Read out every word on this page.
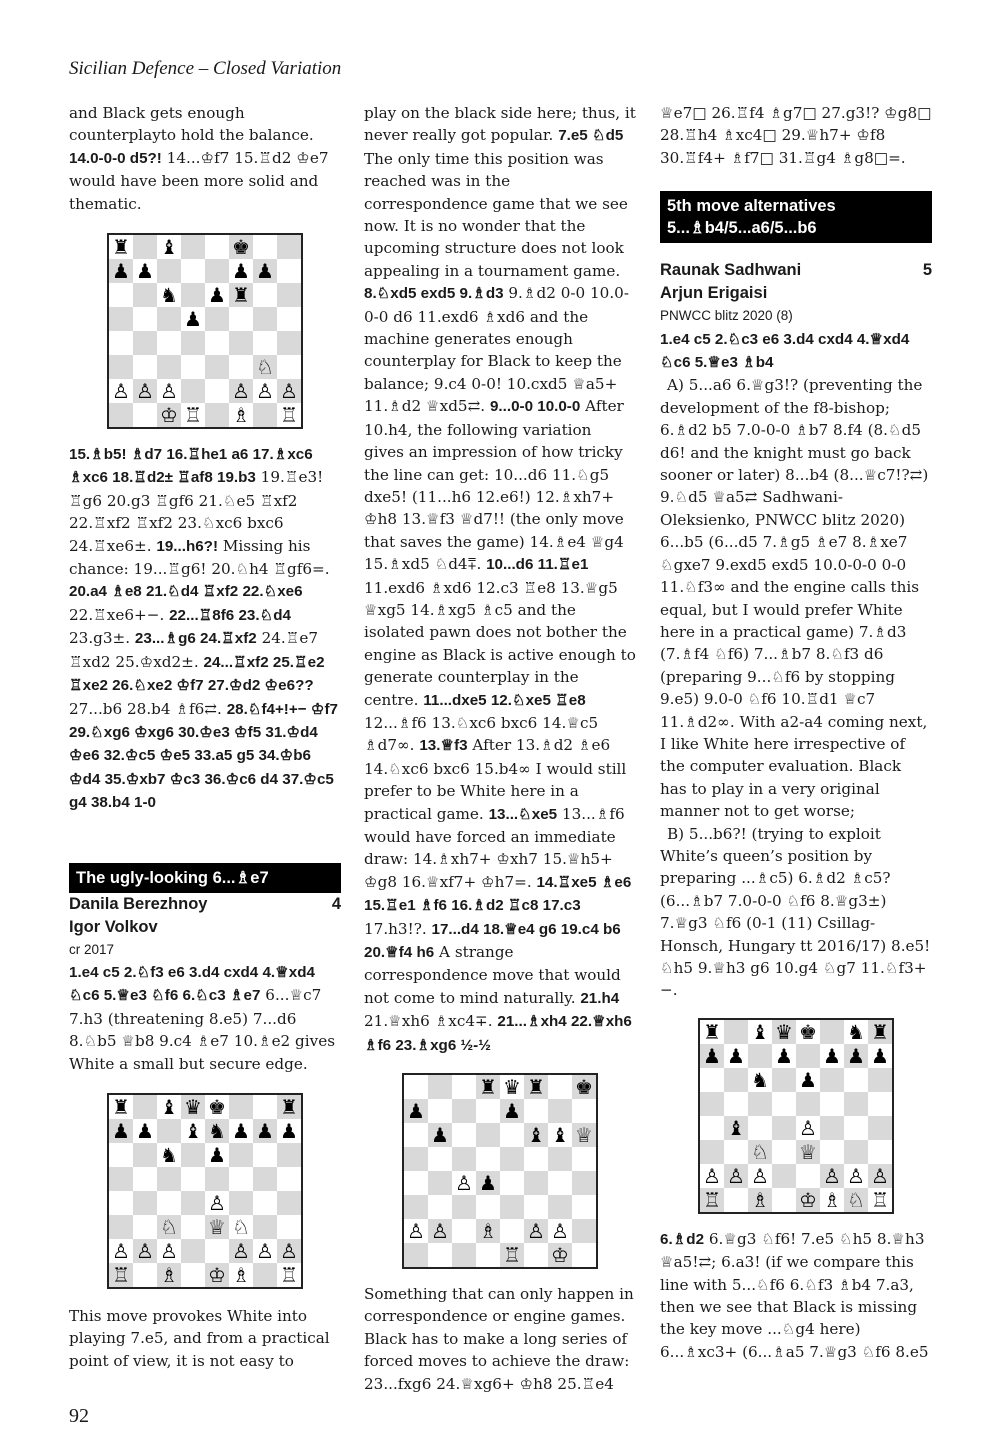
Sicilian Defence – Closed Variation

and Black gets enough counterplayto hold the balance. 14.0-0-0 d5?! 14...♔f7 15.♖d2 ♔e7 would have been more solid and thematic.

♜ ♝	♚
♟ ♟	♟ ♟
♞ ♟ ♜
♟
♘
♙ ♙ ♙	♙ ♙ ♙
♔ ♖ ♗ ♖

15.♗b5! ♗d7 16.♖he1 a6 17.♗xc6 ♗xc6 18.♖d2± ♖af8 19.b3 19.♖e3! ♖g6 20.g3 ♖gf6 21.♘e5 ♖xf2 22.♖xf2 ♖xf2 23.♘xc6 bxc6 24.♖xe6±. 19...h6?! Missing his chance: 19...♖g6! 20.♘h4 ♖gf6=. 20.a4 ♗e8 21.♘d4 ♖xf2 22.♘xe6 22.♖xe6+−. 22...♖8f6 23.♘d4 23.g3±. 23...♗g6 24.♖xf2 24.♖e7 ♖xd2 25.♔xd2±. 24...♖xf2 25.♖e2 ♖xe2 26.♘xe2 ♔f7 27.♔d2 ♔e6?? 27...b6 28.b4 ♗f6⇄. 28.♘f4+!+− ♔f7 29.♘xg6 ♔xg6 30.♔e3 ♔f5 31.♔d4 ♔e6 32.♔c5 ♔e5 33.a5 g5 34.♔b6 ♔d4 35.♔xb7 ♔c3 36.♔c6 d4 37.♔c5 g4 38.b4 1-0

The ugly-looking 6...♗e7
Danila Berezhnoy	4
Igor Volkov
cr 2017

1.e4 c5 2.♘f3 e6 3.d4 cxd4 4.♕xd4 ♘c6 5.♕e3 ♘f6 6.♘c3 ♗e7 6...♕c7 7.h3 (threatening 8.e5) 7...d6 8.♘b5 ♕b8 9.c4 ♗e7 10.♗e2 gives White a small but secure edge.

♜ ♝ ♛ ♚	♜
♟ ♟ ♝ ♞ ♟ ♟ ♟
♞ ♟
♙
♘ ♕ ♘
♙ ♙ ♙	♙ ♙ ♙
♖ ♗ ♔ ♗ ♖

This move provokes White into playing 7.e5, and from a practical point of view, it is not easy to

play on the black side here; thus, it never really got popular. 7.e5 ♘d5 The only time this position was reached was in the correspondence game that we see now. It is no wonder that the upcoming structure does not look appealing in a tournament game. 8.♘xd5 exd5 9.♗d3 9.♗d2 0-0 10.0-0-0 d6 11.exd6 ♗xd6 and the machine generates enough counterplay for Black to keep the balance; 9.c4 0-0! 10.cxd5 ♕a5+ 11.♗d2 ♕xd5⇄. 9...0-0 10.0-0 After 10.h4, the following variation gives an impression of how tricky the line can get: 10...d6 11.♘g5 dxe5! (11...h6 12.e6!) 12.♗xh7+ ♔h8 13.♕f3 ♕d7!! (the only move that saves the game) 14.♗e4 ♕g4 15.♗xd5 ♘d4⩱. 10...d6 11.♖e1 11.exd6 ♗xd6 12.c3 ♖e8 13.♕g5 ♕xg5 14.♗xg5 ♗c5 and the isolated pawn does not bother the engine as Black is active enough to generate counterplay in the centre. 11...dxe5 12.♘xe5 ♖e8 12...♗f6 13.♘xc6 bxc6 14.♕c5 ♗d7∞. 13.♕f3 After 13.♗d2 ♗e6 14.♘xc6 bxc6 15.b4∞ I would still prefer to be White here in a practical game. 13...♘xe5 13...♗f6 would have forced an immediate draw: 14.♗xh7+ ♔xh7 15.♕h5+ ♔g8 16.♕xf7+ ♔h7=. 14.♖xe5 ♗e6 15.♖e1 ♗f6 16.♗d2 ♖c8 17.c3 17.h3!?. 17...d4 18.♕e4 g6 19.c4 b6 20.♕f4 h6 A strange correspondence move that would not come to mind naturally. 21.h4 21.♕xh6 ♗xc4∓. 21...♗xh4 22.♕xh6 ♗f6 23.♗xg6 ½-½

♜ ♛ ♜ ♚
♟	♟
♟	♝ ♝ ♕
♙ ♟
♙ ♙ ♗ ♙ ♙
♖ ♔

Something that can only happen in correspondence or engine games. Black has to make a long series of forced moves to achieve the draw: 23...fxg6 24.♕xg6+ ♔h8 25.♖e4

♕e7□ 26.♖f4 ♗g7□ 27.g3!? ♔g8□ 28.♖h4 ♗xc4□ 29.♕h7+ ♔f8 30.♖f4+ ♗f7□ 31.♖g4 ♗g8□=.

5th move alternatives
5...♗b4/5...a6/5...b6
Raunak Sadhwani	5
Arjun Erigaisi
PNWCC blitz 2020 (8)

1.e4 c5 2.♘c3 e6 3.d4 cxd4 4.♕xd4 ♘c6 5.♕e3 ♗b4

A) 5...a6 6.♕g3!? (preventing the development of the f8-bishop; 6.♗d2 b5 7.0-0-0 ♗b7 8.f4 (8.♘d5 d6! and the knight must go back sooner or later) 8...b4 (8...♕c7!?⇄) 9.♘d5 ♕a5⇄ Sadhwani-Oleksienko, PNWCC blitz 2020) 6...b5 (6...d5 7.♗g5 ♗e7 8.♗xe7 ♘gxe7 9.exd5 exd5 10.0-0-0 0-0 11.♘f3∞ and the engine calls this equal, but I would prefer White here in a practical game) 7.♗d3 (7.♗f4 ♘f6) 7...♗b7 8.♘f3 d6 (preparing 9...♘f6 by stopping 9.e5) 9.0-0 ♘f6 10.♖d1 ♕c7 11.♗d2∞. With a2-a4 coming next, I like White here irrespective of the computer evaluation. Black has to play in a very original manner not to get worse;

B) 5...b6?! (trying to exploit White’s queen’s position by preparing ...♗c5) 6.♗d2 ♗c5? (6...♗b7 7.0-0-0 ♘f6 8.♕g3±) 7.♕g3 ♘f6 (0-1 (11) Csillag-Honsch, Hungary tt 2016/17) 8.e5! ♘h5 9.♕h3 g6 10.g4 ♘g7 11.♘f3+−.

♜ ♝ ♛ ♚ ♞ ♜
♟ ♟ ♟ ♟ ♟ ♟
♞ ♟
♝	♙
♘ ♕
♙ ♙ ♙	♙ ♙ ♙
♖ ♗ ♔ ♗ ♘ ♖

6.♗d2 6.♕g3 ♘f6! 7.e5 ♘h5 8.♕h3 ♕a5!⇄; 6.a3! (if we compare this line with 5...♘f6 6.♘f3 ♗b4 7.a3, then we see that Black is missing the key move ...♘g4 here) 6...♗xc3+ (6...♗a5 7.♕g3 ♘f6 8.e5

92
